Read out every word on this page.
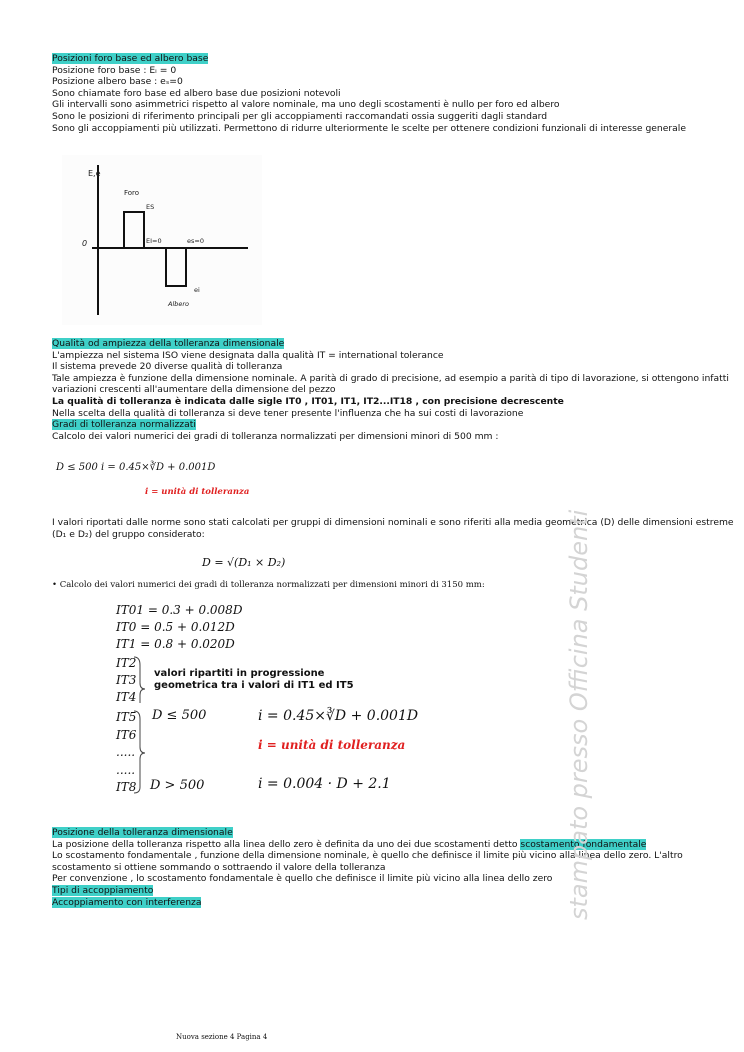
Posizioni foro base ed albero base

Posizione foro base : Eᵢ = 0

Posizione albero base : eₛ=0

Sono chiamate foro base ed albero base due posizioni notevoli

Gli intervalli sono asimmetrici rispetto al valore nominale, ma uno degli scostamenti è nullo per foro ed albero

Sono le posizioni di riferimento principali per gli accoppiamenti raccomandati ossia suggeriti dagli standard

Sono gli accoppiamenti più utilizzati. Permettono di ridurre ulteriormente le scelte per ottenere condizioni funzionali di interesse generale

E,e
0
Foro
ES
EI=0	es=0
ei
Albero

Qualità od ampiezza della tolleranza dimensionale

L'ampiezza nel sistema ISO viene designata dalla qualità IT = international tolerance

Il sistema prevede 20 diverse qualità di tolleranza

Tale ampiezza è funzione della dimensione nominale. A parità di grado di precisione, ad esempio a parità di tipo di lavorazione, si ottengono infatti variazioni crescenti all'aumentare della dimensione del pezzo

La qualità di tolleranza è indicata dalle sigle IT0 , IT01, IT1, IT2...IT18 , con precisione decrescente

Nella scelta della qualità di tolleranza si deve tener presente l'influenza che ha sui costi di lavorazione

Gradi di tolleranza normalizzati

Calcolo dei valori numerici dei gradi di tolleranza normalizzati per dimensioni minori di 500 mm :

D ≤ 500 i = 0.45×∛D + 0.001D
i = unità di tolleranza

I valori riportati dalle norme sono stati calcolati per gruppi di dimensioni nominali e sono riferiti alla media geometrica (D) delle dimensioni estreme (D₁ e D₂) del gruppo considerato:

D = √(D₁ × D₂)
• Calcolo dei valori numerici dei gradi di tolleranza normalizzati per dimensioni minori di 3150 mm:
IT01 = 0.3 + 0.008D
IT0 = 0.5 + 0.012D
IT1 = 0.8 + 0.020D
IT2
IT3
IT4
IT5
IT6
.....
.....
IT8
valori ripartiti in progressione
geometrica tra i valori di IT1 ed IT5
D ≤ 500	i = 0.45×∛D + 0.001D
i = unità di tolleranza
D > 500	i = 0.004 · D + 2.1

Posizione della tolleranza dimensionale

La posizione della tolleranza rispetto alla linea dello zero è definita da uno dei due scostamenti detto scostamento fondamentale

Lo scostamento fondamentale , funzione della dimensione nominale, è quello che definisce il limite più vicino alla linea dello zero. L'altro scostamento si ottiene sommando o sottraendo il valore della tolleranza

Per convenzione , lo scostamento fondamentale è quello che definisce il limite più vicino alla linea dello zero

Tipi di accoppiamento

Accoppiamento con interferenza	stampato presso Officina Studenti
Nuova sezione 4 Pagina 4
